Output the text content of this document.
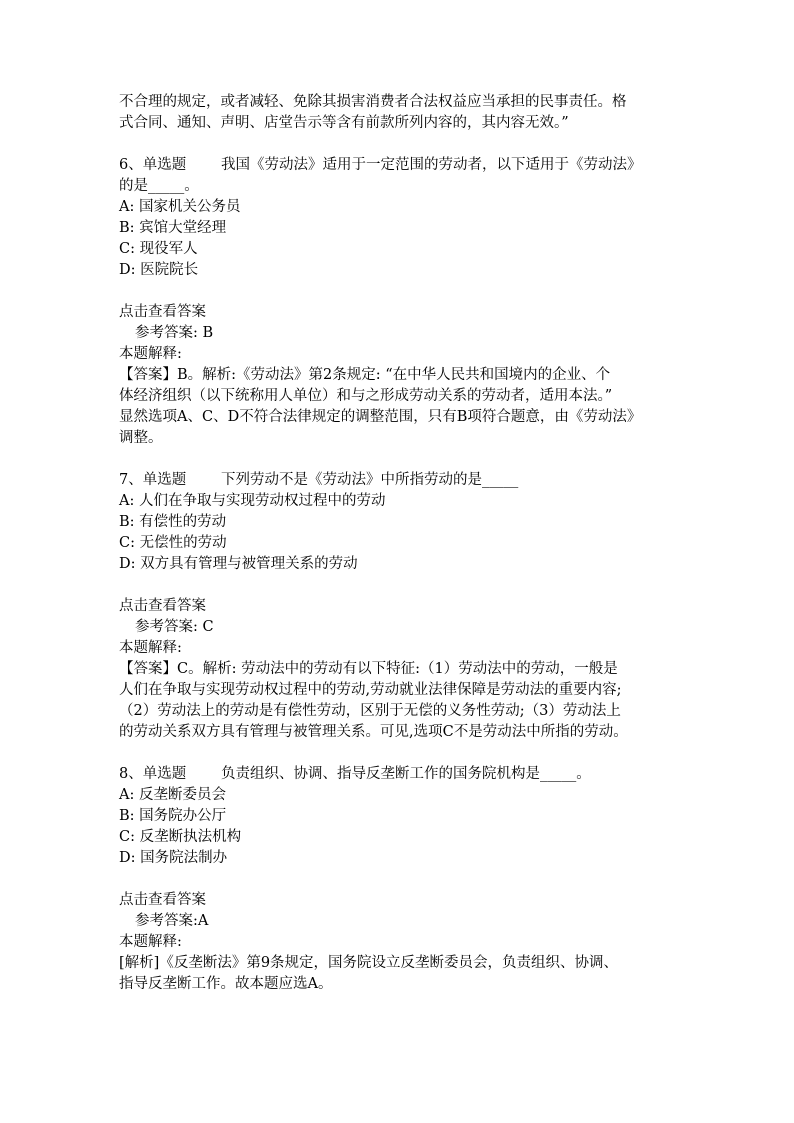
不合理的规定，或者减轻、免除其损害消费者合法权益应当承担的民事责任。格

式合同、通知、声明、店堂告示等含有前款所列内容的，其内容无效。”

6、单选题 我国《劳动法》适用于一定范围的劳动者，以下适用于《劳动法》

的是_____。

A: 国家机关公务员

B: 宾馆大堂经理

C: 现役军人

D: 医院院长

点击查看答案

参考答案: B

本题解释:

【答案】B。解析:《劳动法》第2条规定: “在中华人民共和国境内的企业、个

体经济组织（以下统称用人单位）和与之形成劳动关系的劳动者，适用本法。”

显然选项A、C、D不符合法律规定的调整范围，只有B项符合题意，由《劳动法》

调整。

7、单选题 下列劳动不是《劳动法》中所指劳动的是_____

A: 人们在争取与实现劳动权过程中的劳动

B: 有偿性的劳动

C: 无偿性的劳动

D: 双方具有管理与被管理关系的劳动

点击查看答案

参考答案: C

本题解释:

【答案】C。解析: 劳动法中的劳动有以下特征:（1）劳动法中的劳动，一般是

人们在争取与实现劳动权过程中的劳动,劳动就业法律保障是劳动法的重要内容;

（2）劳动法上的劳动是有偿性劳动，区别于无偿的义务性劳动;（3）劳动法上

的劳动关系双方具有管理与被管理关系。可见,选项C不是劳动法中所指的劳动。

8、单选题 负责组织、协调、指导反垄断工作的国务院机构是_____。

A: 反垄断委员会

B: 国务院办公厅

C: 反垄断执法机构

D: 国务院法制办

点击查看答案

参考答案:A

本题解释:

[解析]《反垄断法》第9条规定，国务院设立反垄断委员会，负责组织、协调、

指导反垄断工作。故本题应选A。
